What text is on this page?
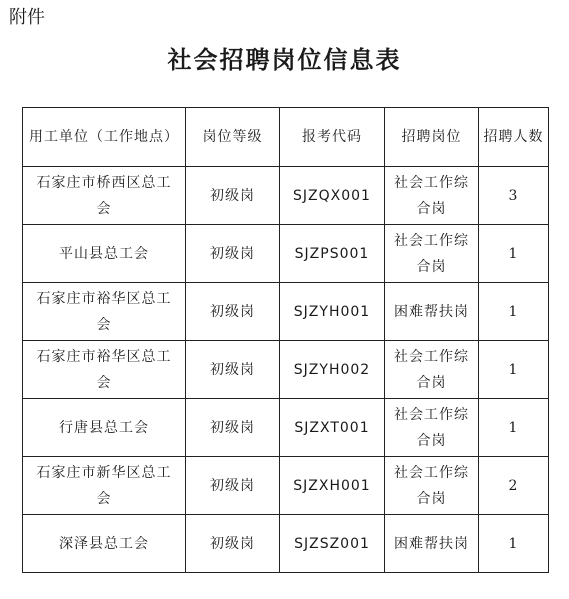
附件
社会招聘岗位信息表
用工单位（工作地点）	岗位等级	报考代码	招聘岗位	招聘人数
石家庄市桥西区总工会	初级岗	SJZQX001	社会工作综合岗	3
平山县总工会	初级岗	SJZPS001	社会工作综合岗	1
石家庄市裕华区总工会	初级岗	SJZYH001	困难帮扶岗	1
石家庄市裕华区总工会	初级岗	SJZYH002	社会工作综合岗	1
行唐县总工会	初级岗	SJZXT001	社会工作综合岗	1
石家庄市新华区总工会	初级岗	SJZXH001	社会工作综合岗	2
深泽县总工会	初级岗	SJZSZ001	困难帮扶岗	1
